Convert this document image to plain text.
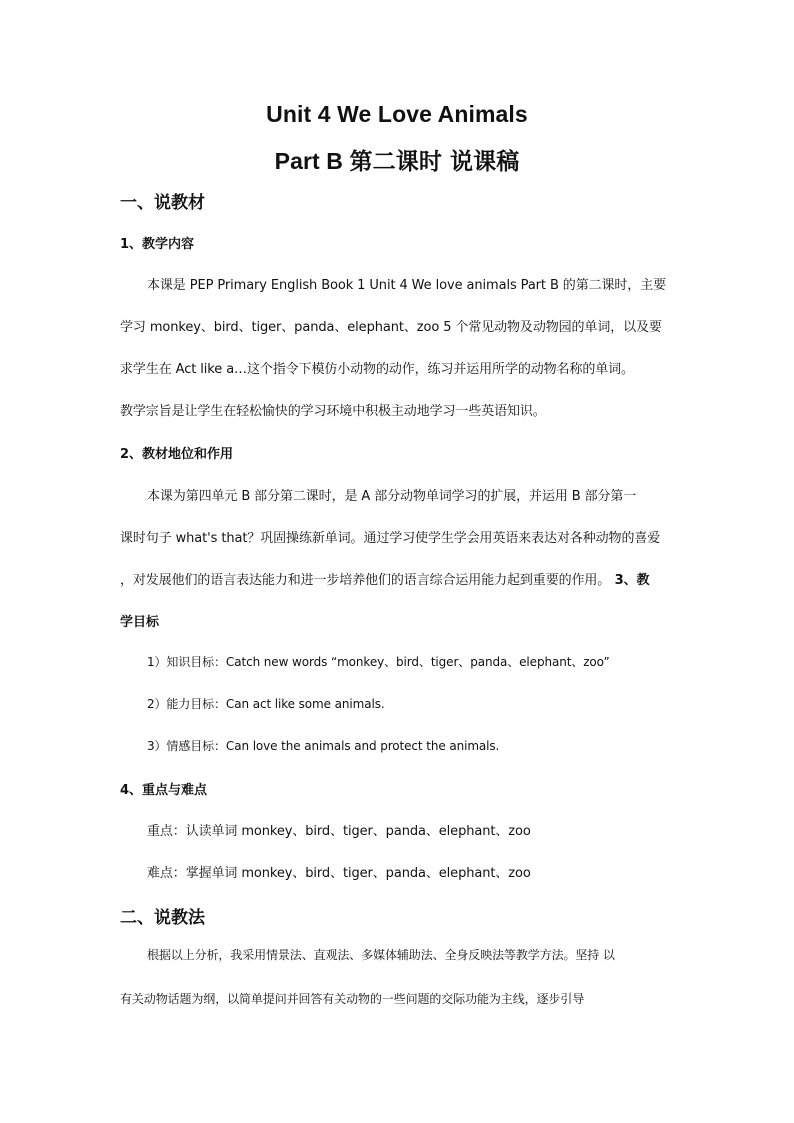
Unit 4 We Love Animals
Part B 第二课时 说课稿
一、说教材
1、教学内容
本课是 PEP Primary English Book 1 Unit 4 We love animals Part B 的第二课时，主要
学习 monkey、bird、tiger、panda、elephant、zoo 5 个常见动物及动物园的单词，以及要
求学生在 Act like a…这个指令下模仿小动物的动作，练习并运用所学的动物名称的单词。
教学宗旨是让学生在轻松愉快的学习环境中积极主动地学习一些英语知识。
2、教材地位和作用
本课为第四单元 B 部分第二课时，是 A 部分动物单词学习的扩展，并运用 B 部分第一
课时句子 what's that？巩固操练新单词。通过学习使学生学会用英语来表达对各种动物的喜爱
，对发展他们的语言表达能力和进一步培养他们的语言综合运用能力起到重要的作用。 3、教
学目标
1）知识目标：Catch new words “monkey、bird、tiger、panda、elephant、zoo”
2）能力目标：Can act like some animals.
3）情感目标：Can love the animals and protect the animals.
4、重点与难点
重点：认读单词 monkey、bird、tiger、panda、elephant、zoo
难点：掌握单词 monkey、bird、tiger、panda、elephant、zoo
二、说教法
根据以上分析，我采用情景法、直观法、多媒体辅助法、全身反映法等教学方法。坚持 以
有关动物话题为纲，以简单提问并回答有关动物的一些问题的交际功能为主线，逐步引导
